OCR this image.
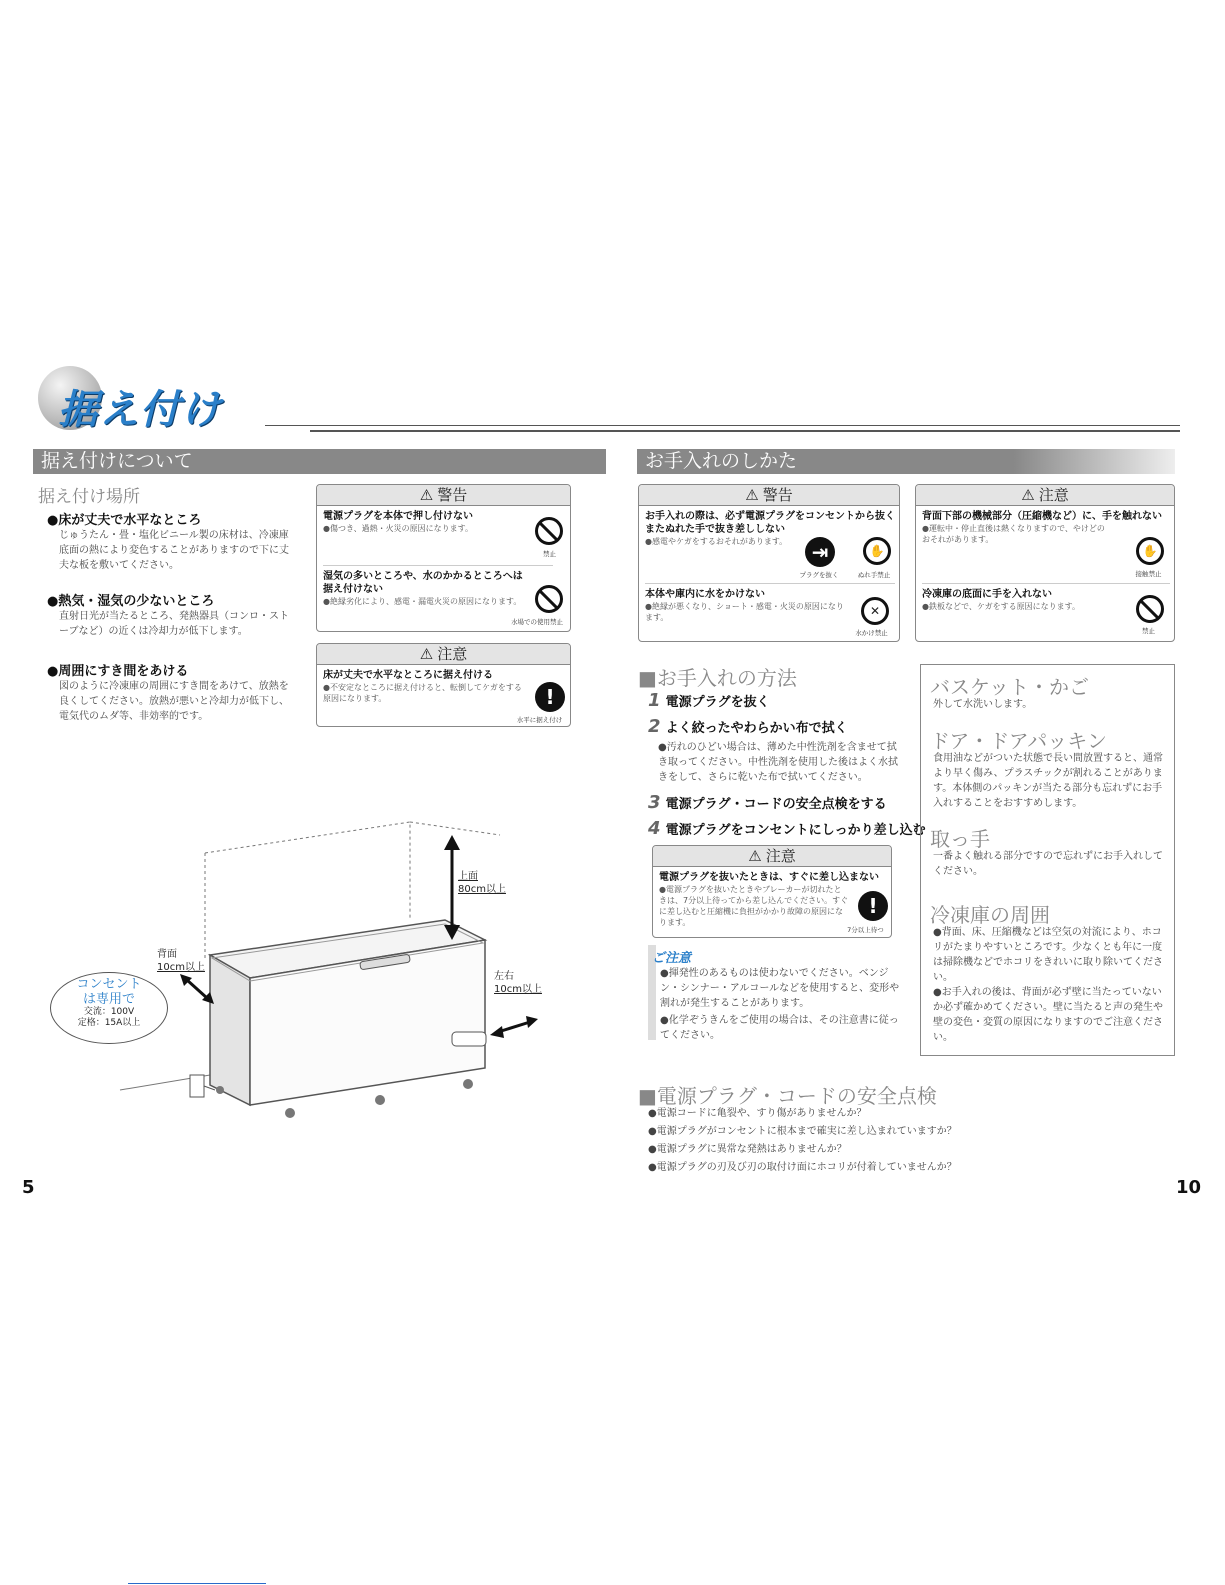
据え付け
据え付けについて
据え付け場所
●床が丈夫で水平なところ
じゅうたん・畳・塩化ビニール製の床材は、冷凍庫底面の熱により変色することがありますので下に丈夫な板を敷いてください。
●熱気・湿気の少ないところ
直射日光が当たるところ、発熱器具（コンロ・ストーブなど）の近くは冷却力が低下します。
●周囲にすき間をあける
図のように冷凍庫の周囲にすき間をあけて、放熱を良くしてください。放熱が悪いと冷却力が低下し、電気代のムダ等、非効率的です。
⚠ 警告
電源プラグを本体で押し付けない
●傷つき、過熱・火災の原因になります。
禁止
湿気の多いところや、水のかかるところへは据え付けない
●絶縁劣化により、感電・漏電火災の原因になります。
水場での使用禁止
⚠ 注意
床が丈夫で水平なところに据え付ける
●不安定なところに据え付けると、転倒してケガをする原因になります。	!
水平に据え付け
上面
80cm以上
背面
10cm以上
左右
10cm以上
コンセント
は専用で
交流：100V
定格：15A以上
5
お手入れのしかた
⚠ 警告
お手入れの際は、必ず電源プラグをコンセントから抜くまたぬれた手で抜き差ししない
●感電やケガをするおそれがあります。	⇥	✋
プラグを抜く	ぬれ手禁止
本体や庫内に水をかけない
●絶縁が悪くなり、ショート・感電・火災の原因になります。	✕
水かけ禁止
⚠ 注意
背面下部の機械部分（圧縮機など）に、手を触れない
●運転中・停止直後は熱くなりますので、やけどのおそれがあります。
✋
接触禁止
冷凍庫の底面に手を入れない
●鉄板などで、ケガをする原因になります。
禁止
■お手入れの方法
1 電源プラグを抜く
2 よく絞ったやわらかい布で拭く
●汚れのひどい場合は、薄めた中性洗剤を含ませて拭き取ってください。中性洗剤を使用した後はよく水拭きをして、さらに乾いた布で拭いてください。
3 電源プラグ・コードの安全点検をする
4 電源プラグをコンセントにしっかり差し込む
⚠ 注意
電源プラグを抜いたときは、すぐに差し込まない
●電源プラグを抜いたときやブレーカーが切れたときは、7分以上待ってから差し込んでください。すぐに差し込むと圧縮機に負担がかかり故障の原因になります。
!
7分以上待つ
ご注意
●揮発性のあるものは使わないでください。ベンジン・シンナー・アルコールなどを使用すると、変形や割れが発生することがあります。
●化学ぞうきんをご使用の場合は、その注意書に従ってください。
バスケット・かご
外して水洗いします。
ドア・ドアパッキン
食用油などがついた状態で長い間放置すると、通常より早く傷み、プラスチックが割れることがあります。本体側のパッキンが当たる部分も忘れずにお手入れすることをおすすめします。
取っ手
一番よく触れる部分ですので忘れずにお手入れしてください。
冷凍庫の周囲
●背面、床、圧縮機などは空気の対流により、ホコリがたまりやすいところです。少なくとも年に一度は掃除機などでホコリをきれいに取り除いてください。
●お手入れの後は、背面が必ず壁に当たっていないか必ず確かめてください。壁に当たると声の発生や壁の変色・変質の原因になりますのでご注意ください。
■電源プラグ・コードの安全点検
●電源コードに亀裂や、すり傷がありませんか？
●電源プラグがコンセントに根本まで確実に差し込まれていますか？
●電源プラグに異常な発熱はありませんか？
●電源プラグの刃及び刃の取付け面にホコリが付着していませんか？
10
